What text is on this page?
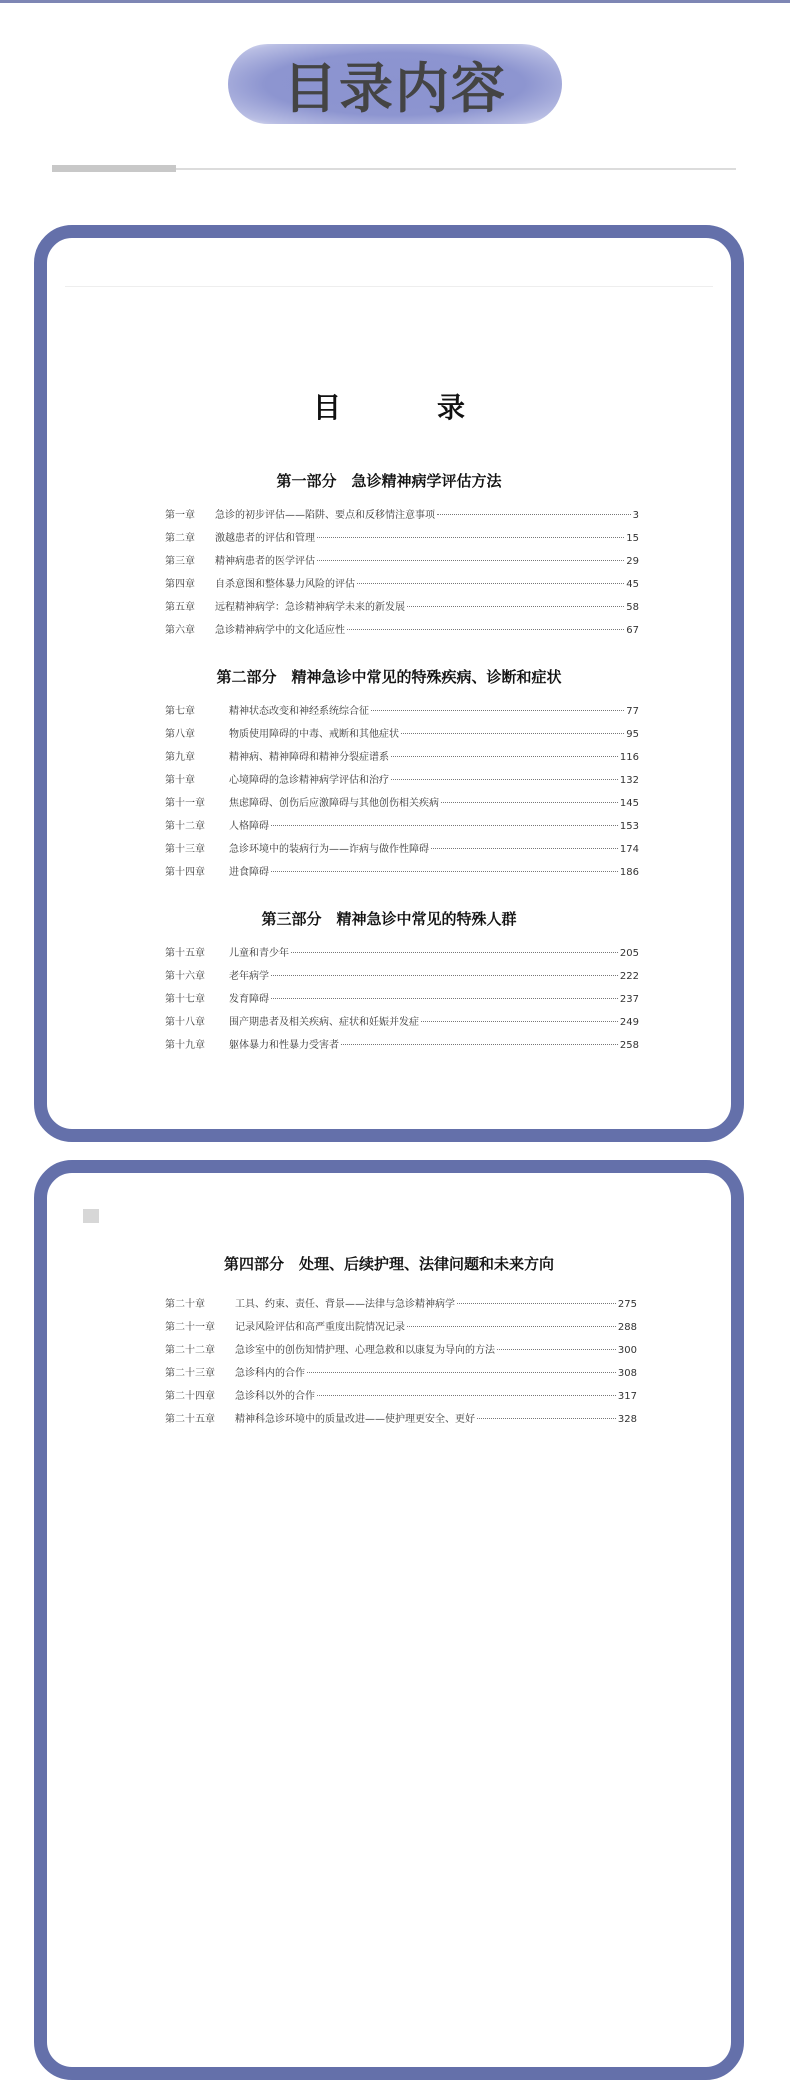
目录内容
目　录
第一部分　急诊精神病学评估方法
第一章	急诊的初步评估——陷阱、要点和反移情注意事项	3
第二章	激越患者的评估和管理	15
第三章	精神病患者的医学评估	29
第四章	自杀意图和整体暴力风险的评估	45
第五章	远程精神病学：急诊精神病学未来的新发展	58
第六章	急诊精神病学中的文化适应性	67
第二部分　精神急诊中常见的特殊疾病、诊断和症状
第七章	精神状态改变和神经系统综合征	77
第八章	物质使用障碍的中毒、戒断和其他症状	95
第九章	精神病、精神障碍和精神分裂症谱系	116
第十章	心境障碍的急诊精神病学评估和治疗	132
第十一章	焦虑障碍、创伤后应激障碍与其他创伤相关疾病	145
第十二章	人格障碍	153
第十三章	急诊环境中的装病行为——诈病与做作性障碍	174
第十四章	进食障碍	186
第三部分　精神急诊中常见的特殊人群
第十五章	儿童和青少年	205
第十六章	老年病学	222
第十七章	发育障碍	237
第十八章	围产期患者及相关疾病、症状和妊娠并发症	249
第十九章	躯体暴力和性暴力受害者	258
第四部分　处理、后续护理、法律问题和未来方向
第二十章	工具、约束、责任、背景——法律与急诊精神病学	275
第二十一章	记录风险评估和高严重度出院情况记录	288
第二十二章	急诊室中的创伤知情护理、心理急救和以康复为导向的方法	300
第二十三章	急诊科内的合作	308
第二十四章	急诊科以外的合作	317
第二十五章	精神科急诊环境中的质量改进——使护理更安全、更好	328
